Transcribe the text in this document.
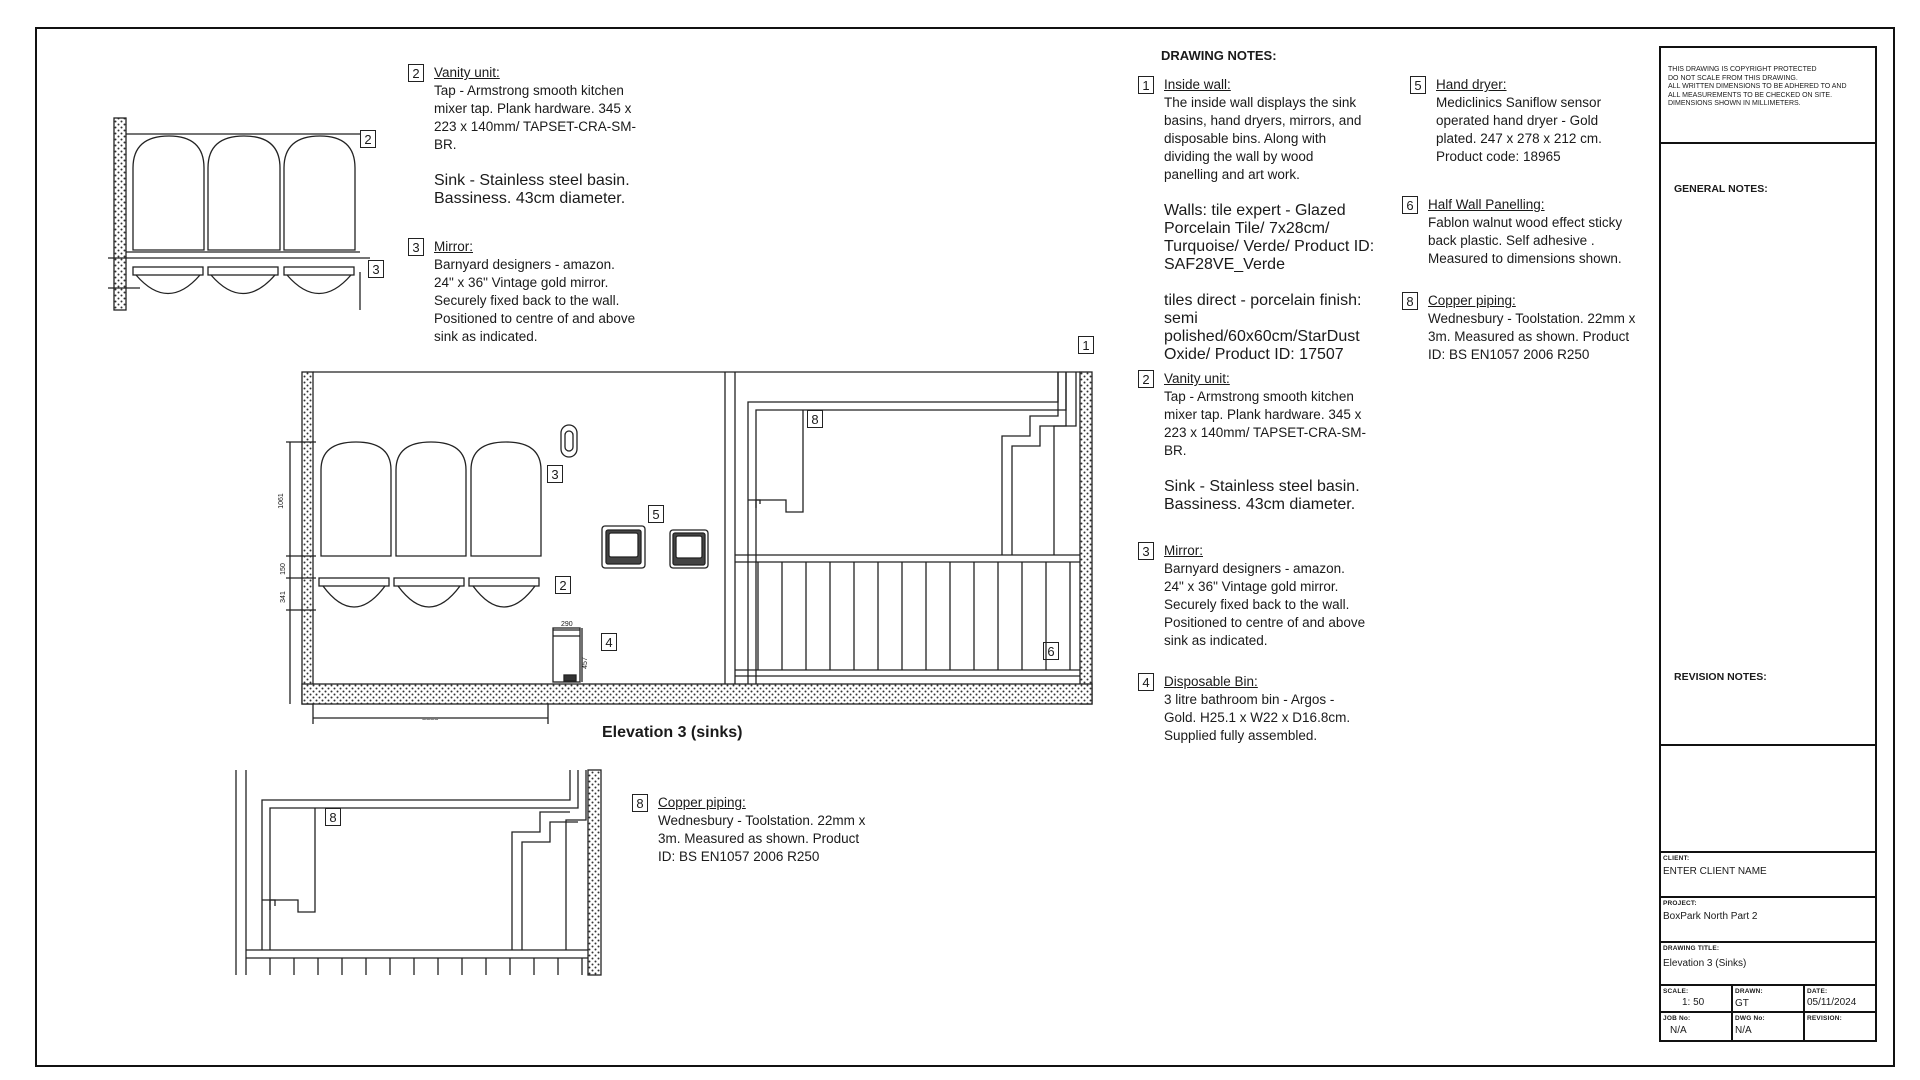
1
2
3
3
2
4
5
6
8
8
1061
150
341
290
457
~~~~
Elevation 3 (sinks)
2	Vanity unit:
Tap - Armstrong smooth kitchen
mixer tap. Plank hardware. 345 x
223 x 140mm/ TAPSET-CRA-SM-
BR.
Sink - Stainless steel basin.
Bassiness. 43cm diameter.
3	Mirror:
Barnyard designers - amazon.
24" x 36" Vintage gold mirror.
Securely fixed back to the wall.
Positioned to centre of and above
sink as indicated.
8	Copper piping:
Wednesbury - Toolstation. 22mm x
3m. Measured as shown. Product
ID: BS EN1057 2006 R250
DRAWING NOTES:
1	Inside wall:
The inside wall displays the sink
basins, hand dryers, mirrors, and
disposable bins. Along with
dividing the wall by wood
panelling and art work.
Walls: tile expert - Glazed
Porcelain Tile/ 7x28cm/
Turquoise/ Verde/ Product ID:
SAF28VE_Verde
tiles direct - porcelain finish: semi
polished/60x60cm/StarDust
Oxide/ Product ID: 17507
2	Vanity unit:
Tap - Armstrong smooth kitchen
mixer tap. Plank hardware. 345 x
223 x 140mm/ TAPSET-CRA-SM-
BR.
Sink - Stainless steel basin.
Bassiness. 43cm diameter.
3	Mirror:
Barnyard designers - amazon.
24" x 36" Vintage gold mirror.
Securely fixed back to the wall.
Positioned to centre of and above
sink as indicated.
4	Disposable Bin:
3 litre bathroom bin - Argos -
Gold. H25.1 x W22 x D16.8cm.
Supplied fully assembled.
5	Hand dryer:
Mediclinics Saniflow sensor
operated hand dryer - Gold
plated. 247 x 278 x 212 cm.
Product code: 18965
6	Half Wall Panelling:
Fablon walnut wood effect sticky
back plastic. Self adhesive .
Measured to dimensions shown.
8	Copper piping:
Wednesbury - Toolstation. 22mm x
3m. Measured as shown. Product
ID: BS EN1057 2006 R250
THIS DRAWING IS COPYRIGHT PROTECTED
DO NOT SCALE FROM THIS DRAWING.
ALL WRITTEN DIMENSIONS TO BE ADHERED TO AND
ALL MEASUREMENTS TO BE CHECKED ON SITE.
DIMENSIONS SHOWN IN MILLIMETERS.
GENERAL NOTES:
REVISION NOTES:
CLIENT:
ENTER CLIENT NAME
PROJECT:
BoxPark North Part 2
DRAWING TITLE:
Elevation 3 (Sinks)
SCALE:
1: 50
DRAWN:
GT
DATE:
05/11/2024
JOB No:
N/A
DWG No:
N/A
REVISION:
